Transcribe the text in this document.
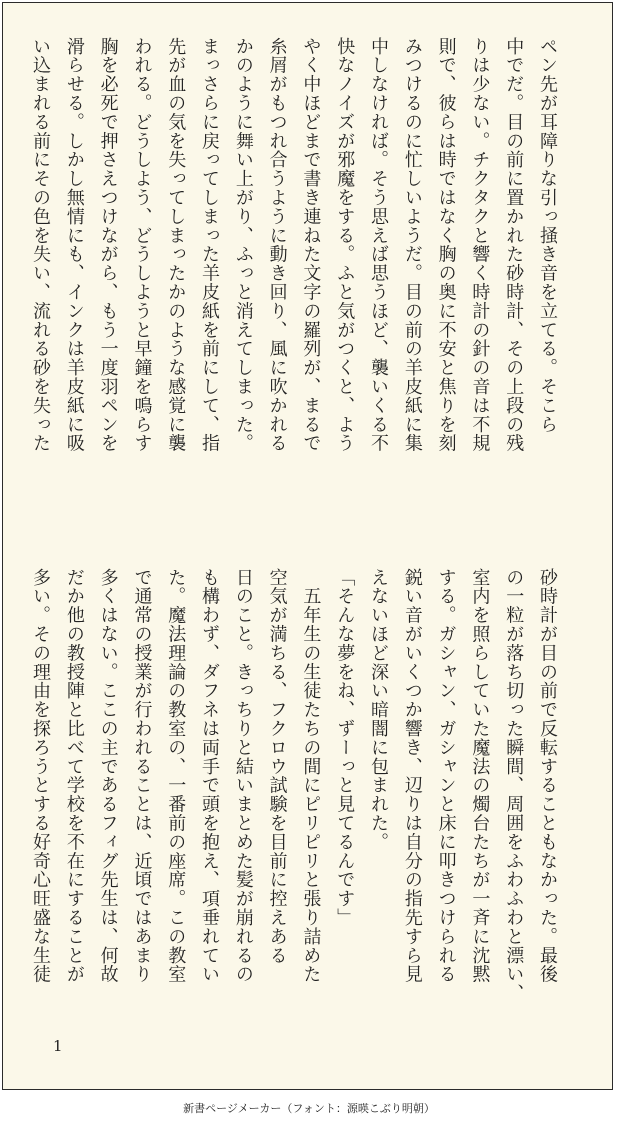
ペン先が耳障りな引っ掻き音を立てる。そこら
中でだ。目の前に置かれた砂時計、その上段の残
りは少ない。チクタクと響く時計の針の音は不規
則で、彼らは時ではなく胸の奥に不安と焦りを刻
みつけるのに忙しいようだ。目の前の羊皮紙に集
中しなければ。そう思えば思うほど、襲いくる不
快なノイズが邪魔をする。ふと気がつくと、よう
やく中ほどまで書き連ねた文字の羅列が、まるで
糸屑がもつれ合うように動き回り、風に吹かれる
かのように舞い上がり、ふっと消えてしまった。
まっさらに戻ってしまった羊皮紙を前にして、指
先が血の気を失ってしまったかのような感覚に襲
われる。どうしよう、どうしようと早鐘を鳴らす
胸を必死で押さえつけながら、もう一度羽ペンを
滑らせる。しかし無情にも、インクは羊皮紙に吸
い込まれる前にその色を失い、流れる砂を失った
砂時計が目の前で反転することもなかった。最後
の一粒が落ち切った瞬間、周囲をふわふわと漂い、
室内を照らしていた魔法の燭台たちが一斉に沈黙
する。ガシャン、ガシャンと床に叩きつけられる
鋭い音がいくつか響き、辺りは自分の指先すら見
えないほど深い暗闇に包まれた。
「そんな夢をね、ずーっと見てるんです」
　五年生の生徒たちの間にピリピリと張り詰めた
空気が満ちる、フクロウ試験を目前に控えある
日のこと。きっちりと結いまとめた髪が崩れるの
も構わず、ダフネは両手で頭を抱え、項垂れてい
た。魔法理論の教室の、一番前の座席。この教室
で通常の授業が行われることは、近頃ではあまり
多くはない。ここの主であるフィグ先生は、何故
だか他の教授陣と比べて学校を不在にすることが
多い。その理由を探ろうとする好奇心旺盛な生徒
1
新書ページメーカー（フォント：源暎こぶり明朝）
